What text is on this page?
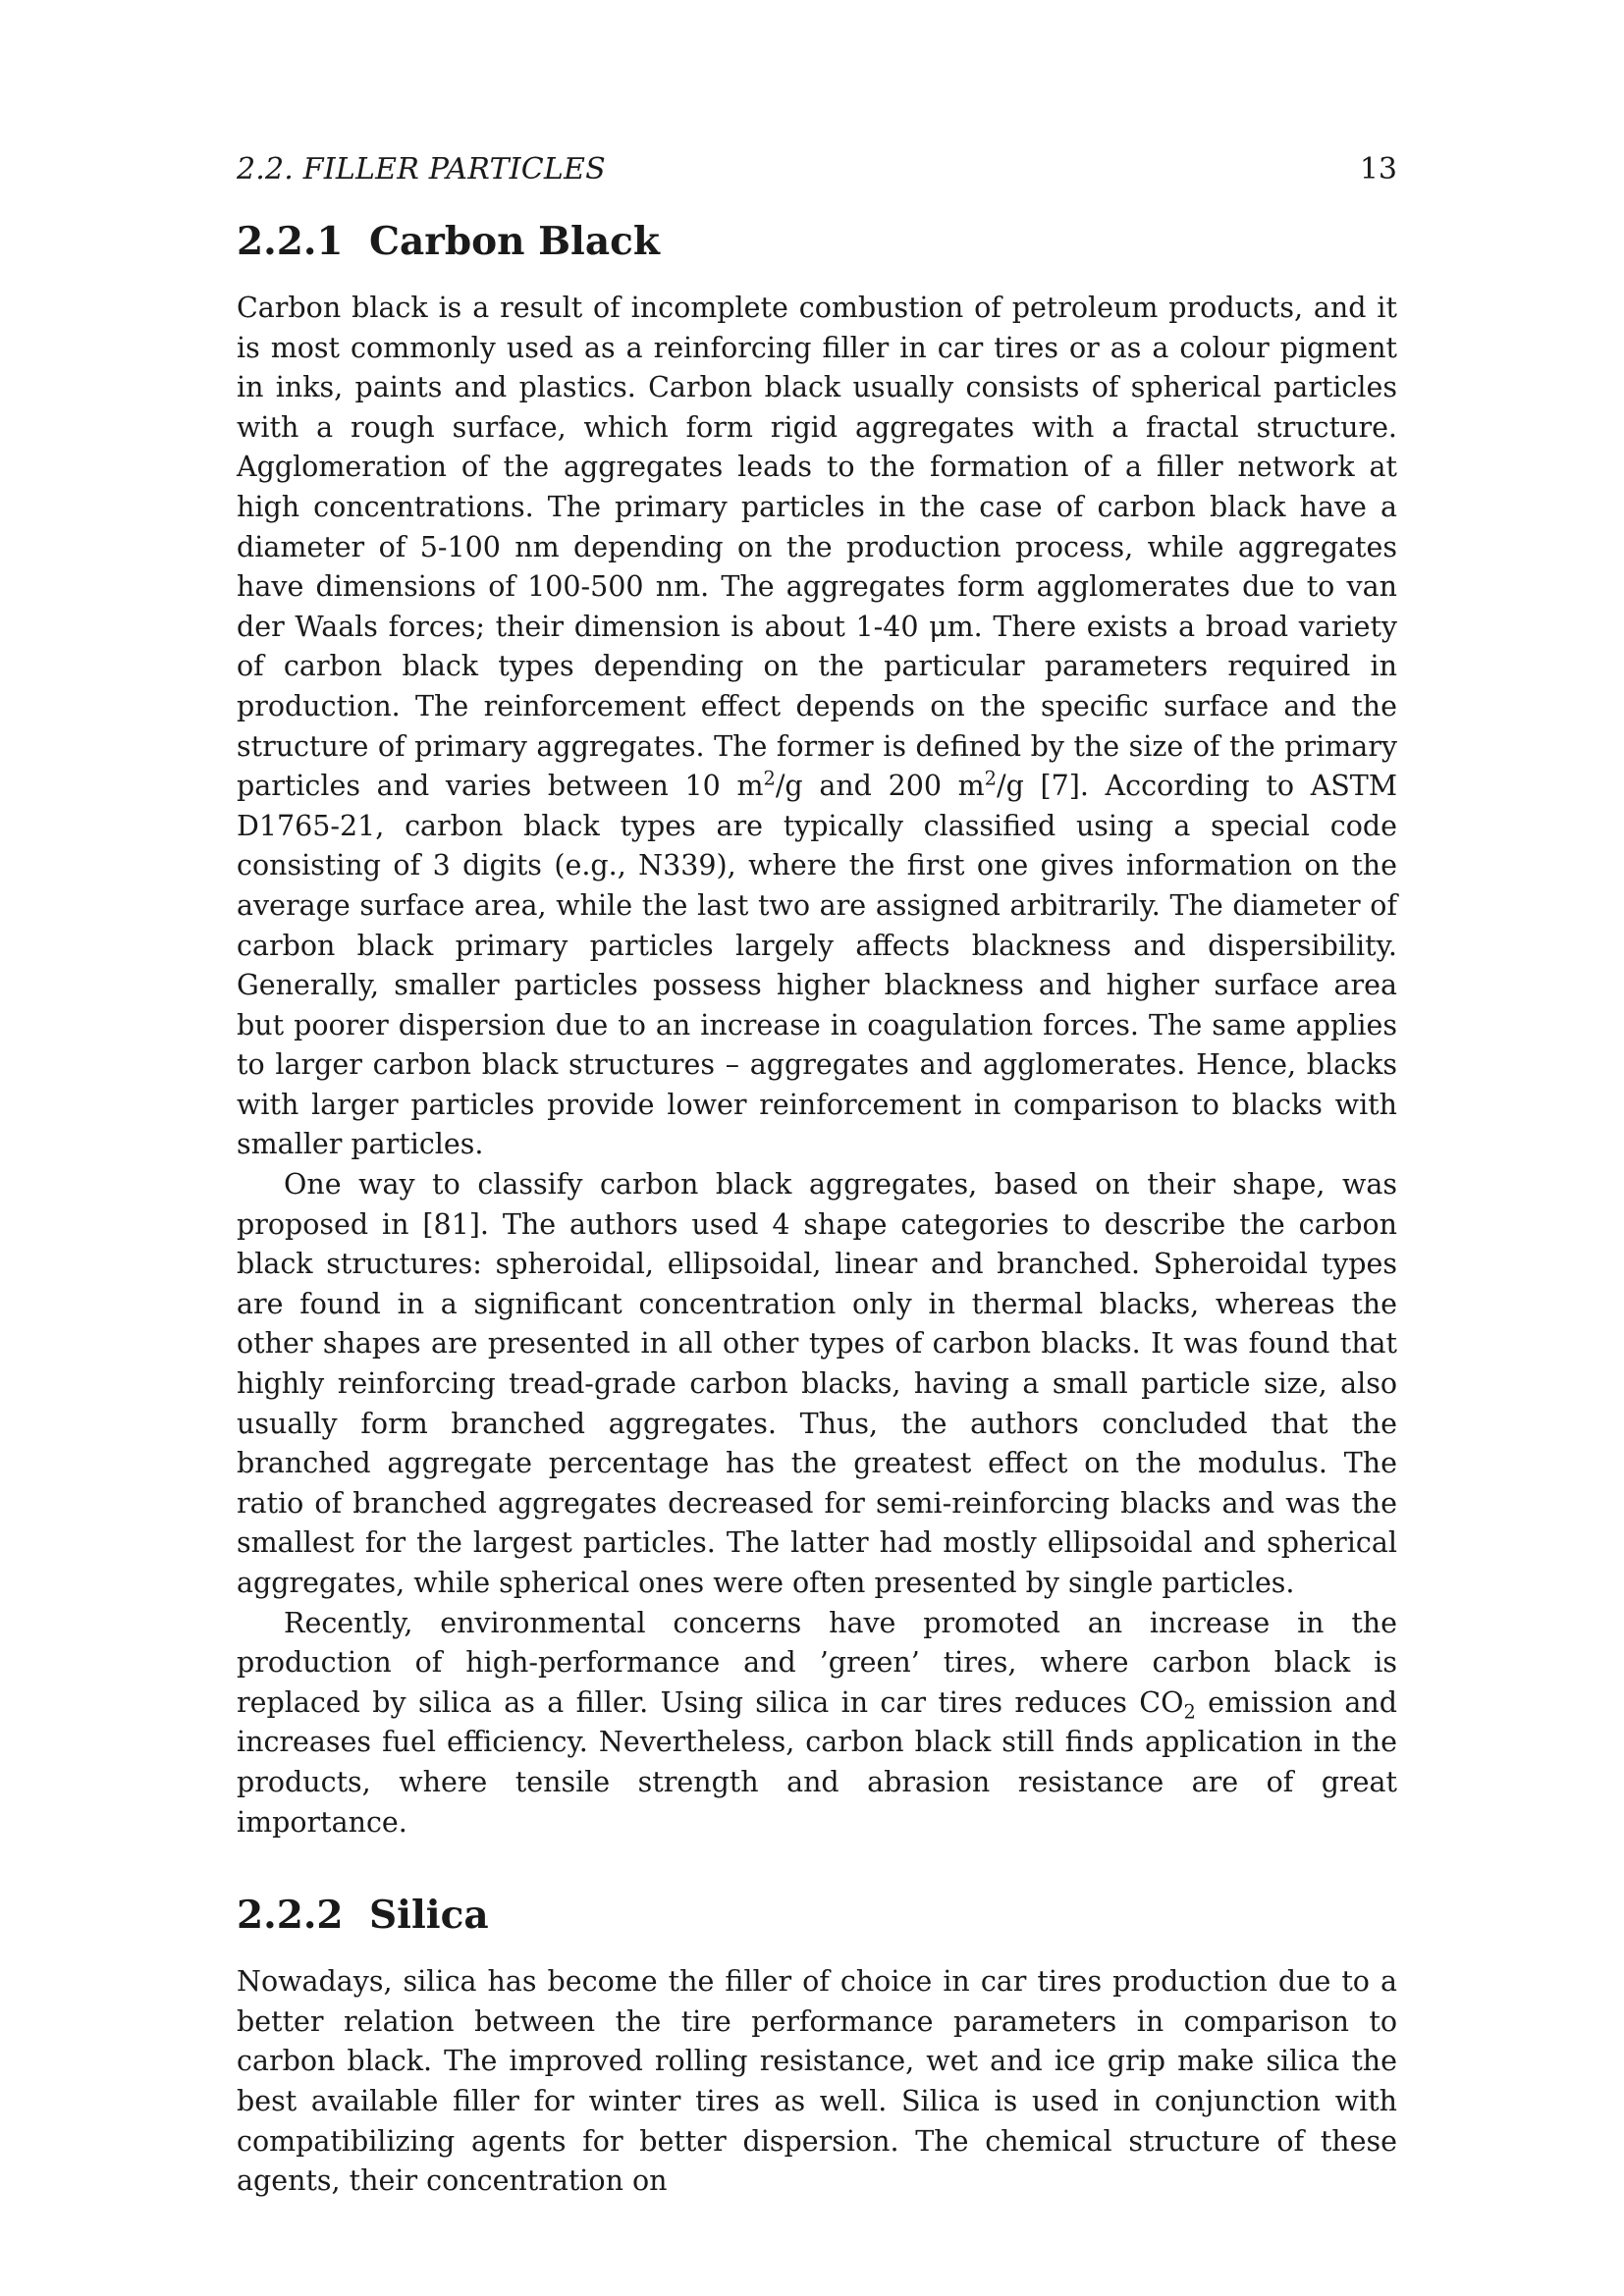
2.2. FILLER PARTICLES	13
2.2.1 Carbon Black

Carbon black is a result of incomplete combustion of petroleum products, and it is most commonly used as a reinforcing filler in car tires or as a colour pigment in inks, paints and plastics. Carbon black usually consists of spherical particles with a rough surface, which form rigid aggregates with a fractal structure. Agglomeration of the aggregates leads to the formation of a filler network at high concentrations. The primary particles in the case of carbon black have a diameter of 5-100 nm depending on the production process, while aggregates have dimensions of 100-500 nm. The aggregates form agglomerates due to van der Waals forces; their dimension is about 1-40 μm. There exists a broad variety of carbon black types depending on the particular parameters required in production. The reinforcement effect depends on the specific surface and the structure of primary aggregates. The former is defined by the size of the primary particles and varies between 10 $m^2/g$ and 200 $m^2/g$ [7]. According to ASTM D1765-21, carbon black types are typically classified using a special code consisting of 3 digits (e.g., N339), where the first one gives information on the average surface area, while the last two are assigned arbitrarily. The diameter of carbon black primary particles largely affects blackness and dispersibility. Generally, smaller particles possess higher blackness and higher surface area but poorer dispersion due to an increase in coagulation forces. The same applies to larger carbon black structures – aggregates and agglomerates. Hence, blacks with larger particles provide lower reinforcement in comparison to blacks with smaller particles.

One way to classify carbon black aggregates, based on their shape, was proposed in [81]. The authors used 4 shape categories to describe the carbon black structures: spheroidal, ellipsoidal, linear and branched. Spheroidal types are found in a significant concentration only in thermal blacks, whereas the other shapes are presented in all other types of carbon blacks. It was found that highly reinforcing tread-grade carbon blacks, having a small particle size, also usually form branched aggregates. Thus, the authors concluded that the branched aggregate percentage has the greatest effect on the modulus. The ratio of branched aggregates decreased for semi-reinforcing blacks and was the smallest for the largest particles. The latter had mostly ellipsoidal and spherical aggregates, while spherical ones were often presented by single particles.

Recently, environmental concerns have promoted an increase in the production of high-performance and ’green’ tires, where carbon black is replaced by silica as a filler. Using silica in car tires reduces $CO_2$ emission and increases fuel efficiency. Nevertheless, carbon black still finds application in the products, where tensile strength and abrasion resistance are of great importance.

2.2.2 Silica

Nowadays, silica has become the filler of choice in car tires production due to a better relation between the tire performance parameters in comparison to carbon black. The improved rolling resistance, wet and ice grip make silica the best available filler for winter tires as well. Silica is used in conjunction with compatibilizing agents for better dispersion. The chemical structure of these agents, their concentration on
